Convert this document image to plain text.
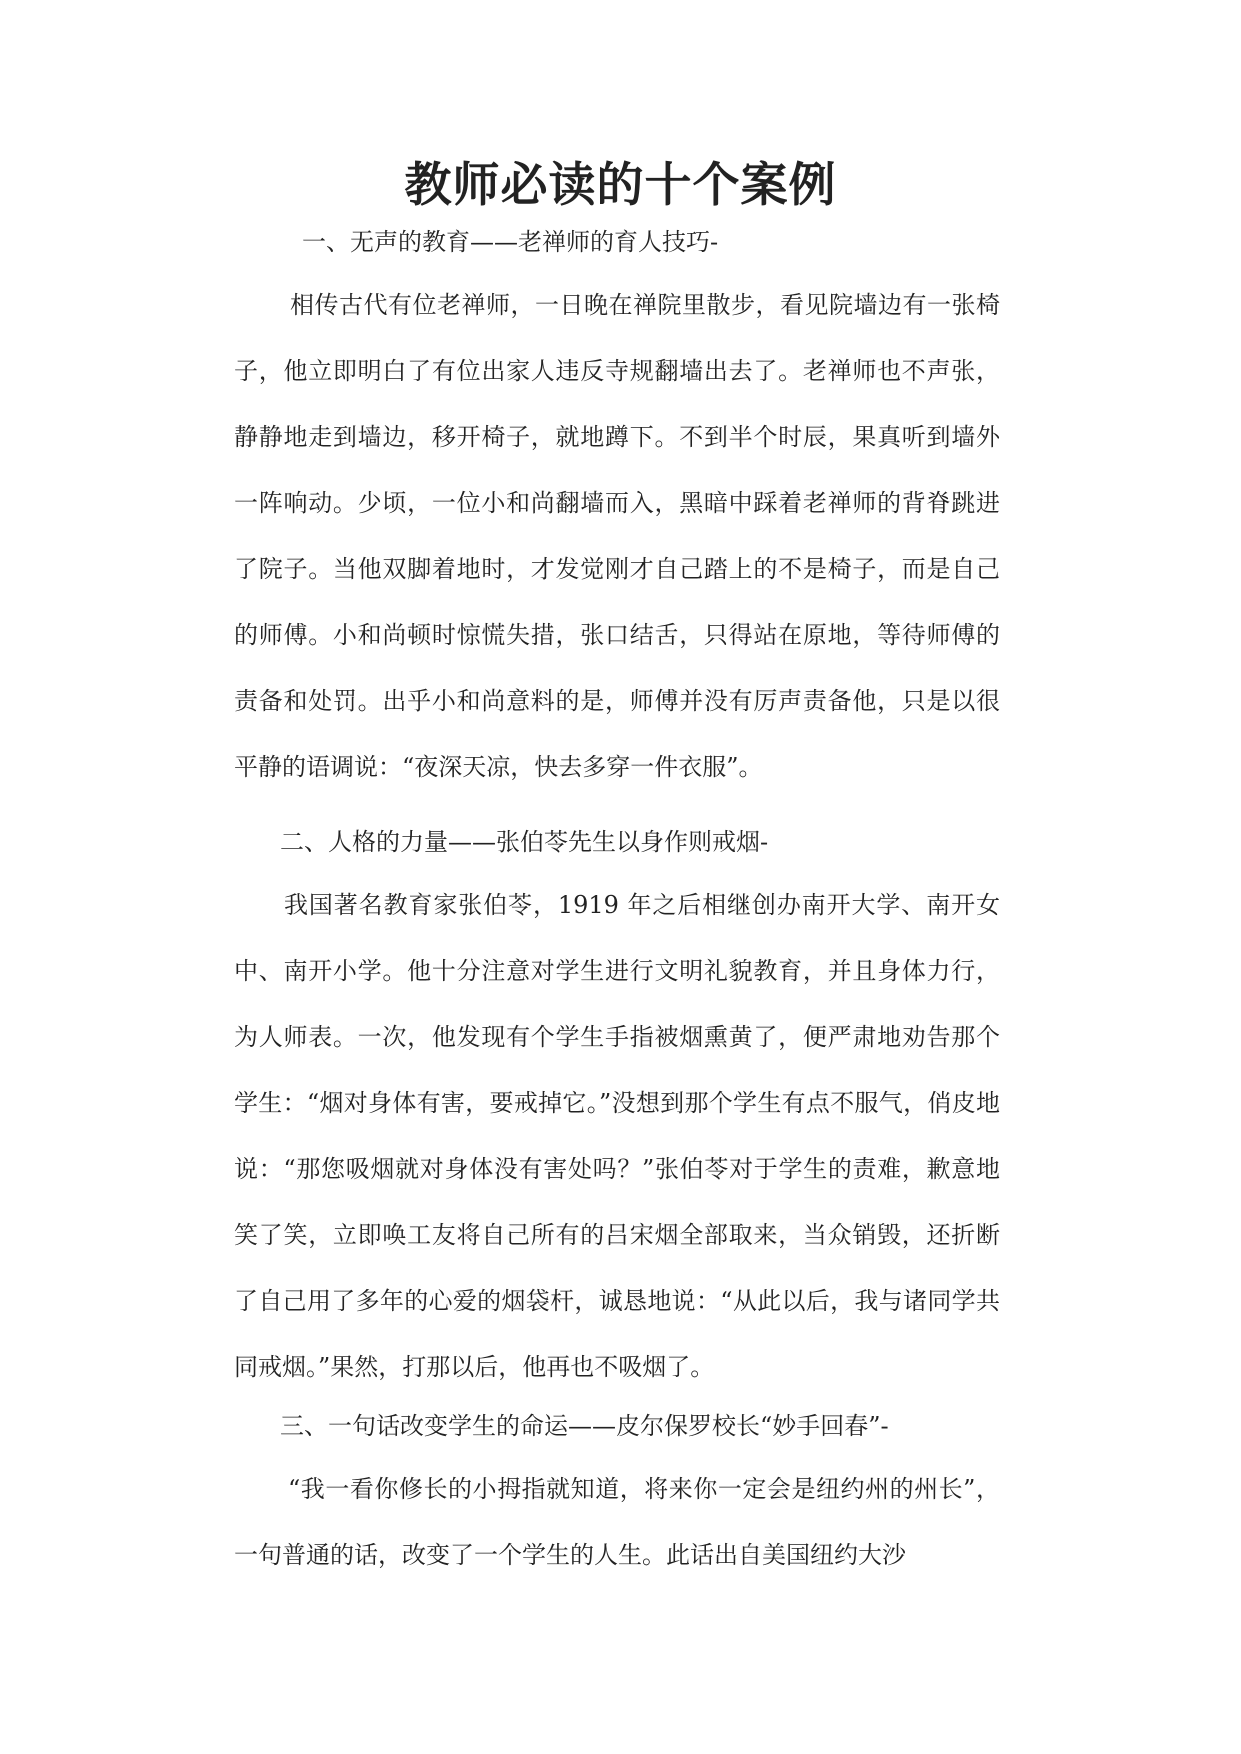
教师必读的十个案例
一、无声的教育——老禅师的育人技巧-

相传古代有位老禅师，一日晚在禅院里散步，看见院墙边有一张椅子，他立即明白了有位出家人违反寺规翻墙出去了。老禅师也不声张，静静地走到墙边，移开椅子，就地蹲下。不到半个时辰，果真听到墙外一阵响动。少顷，一位小和尚翻墙而入，黑暗中踩着老禅师的背脊跳进了院子。当他双脚着地时，才发觉刚才自己踏上的不是椅子，而是自己的师傅。小和尚顿时惊慌失措，张口结舌，只得站在原地，等待师傅的责备和处罚。出乎小和尚意料的是，师傅并没有厉声责备他，只是以很平静的语调说：“夜深天凉，快去多穿一件衣服”。

二、人格的力量——张伯苓先生以身作则戒烟-

我国著名教育家张伯苓，1919 年之后相继创办南开大学、南开女中、南开小学。他十分注意对学生进行文明礼貌教育，并且身体力行，为人师表。一次，他发现有个学生手指被烟熏黄了，便严肃地劝告那个学生：“烟对身体有害，要戒掉它。”没想到那个学生有点不服气，俏皮地说：“那您吸烟就对身体没有害处吗？”张伯苓对于学生的责难，歉意地笑了笑，立即唤工友将自己所有的吕宋烟全部取来，当众销毁，还折断了自己用了多年的心爱的烟袋杆，诚恳地说：“从此以后，我与诸同学共同戒烟。”果然，打那以后，他再也不吸烟了。

三、一句话改变学生的命运——皮尔保罗校长“妙手回春”-

“我一看你修长的小拇指就知道，将来你一定会是纽约州的州长”，一句普通的话，改变了一个学生的人生。此话出自美国纽约大沙
